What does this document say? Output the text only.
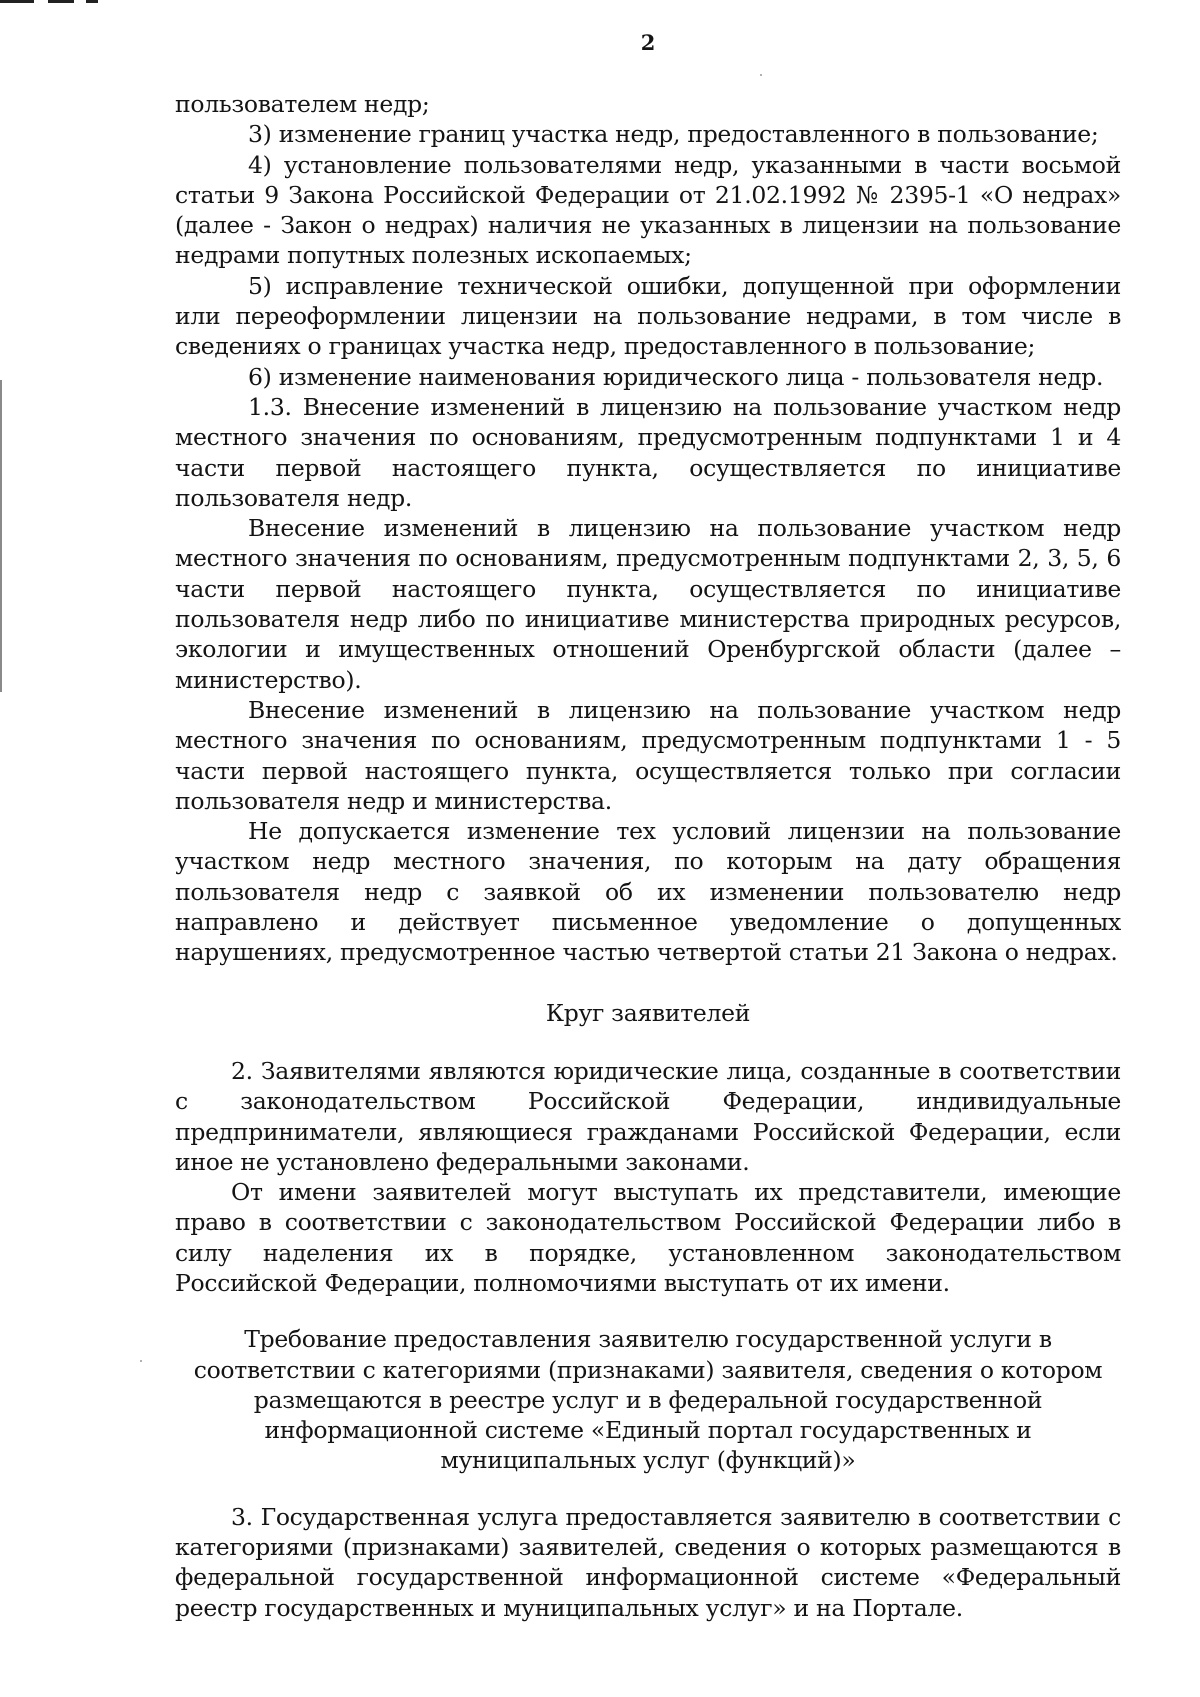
2

пользователем недр;

3) изменение границ участка недр, предоставленного в пользование;

4) установление пользователями недр, указанными в части восьмой статьи 9 Закона Российской Федерации от 21.02.1992 № 2395-1 «О недрах» (далее - Закон о недрах) наличия не указанных в лицензии на пользование недрами попутных полезных ископаемых;

5) исправление технической ошибки, допущенной при оформлении или переоформлении лицензии на пользование недрами, в том числе в сведениях о границах участка недр, предоставленного в пользование;

6) изменение наименования юридического лица - пользователя недр.

1.3. Внесение изменений в лицензию на пользование участком недр местного значения по основаниям, предусмотренным подпунктами 1 и 4 части первой настоящего пункта, осуществляется по инициативе пользователя недр.

Внесение изменений в лицензию на пользование участком недр местного значения по основаниям, предусмотренным подпунктами 2, 3, 5, 6 части первой настоящего пункта, осуществляется по инициативе пользователя недр либо по инициативе министерства природных ресурсов, экологии и имущественных отношений Оренбургской области (далее – министерство).

Внесение изменений в лицензию на пользование участком недр местного значения по основаниям, предусмотренным подпунктами 1 - 5 части первой настоящего пункта, осуществляется только при согласии пользователя недр и министерства.

Не допускается изменение тех условий лицензии на пользование участком недр местного значения, по которым на дату обращения пользователя недр с заявкой об их изменении пользователю недр направлено и действует письменное уведомление о допущенных нарушениях, предусмотренное частью четвертой статьи 21 Закона о недрах.

Круг заявителей

2. Заявителями являются юридические лица, созданные в соответствии с законодательством Российской Федерации, индивидуальные предприниматели, являющиеся гражданами Российской Федерации, если иное не установлено федеральными законами.

От имени заявителей могут выступать их представители, имеющие право в соответствии с законодательством Российской Федерации либо в силу наделения их в порядке, установленном законодательством Российской Федерации, полномочиями выступать от их имени.

Требование предоставления заявителю государственной услуги в

соответствии с категориями (признаками) заявителя, сведения о котором

размещаются в реестре услуг и в федеральной государственной

информационной системе «Единый портал государственных и

муниципальных услуг (функций)»

3. Государственная услуга предоставляется заявителю в соответствии с категориями (признаками) заявителей, сведения о которых размещаются в федеральной государственной информационной системе «Федеральный реестр государственных и муниципальных услуг» и на Портале.
